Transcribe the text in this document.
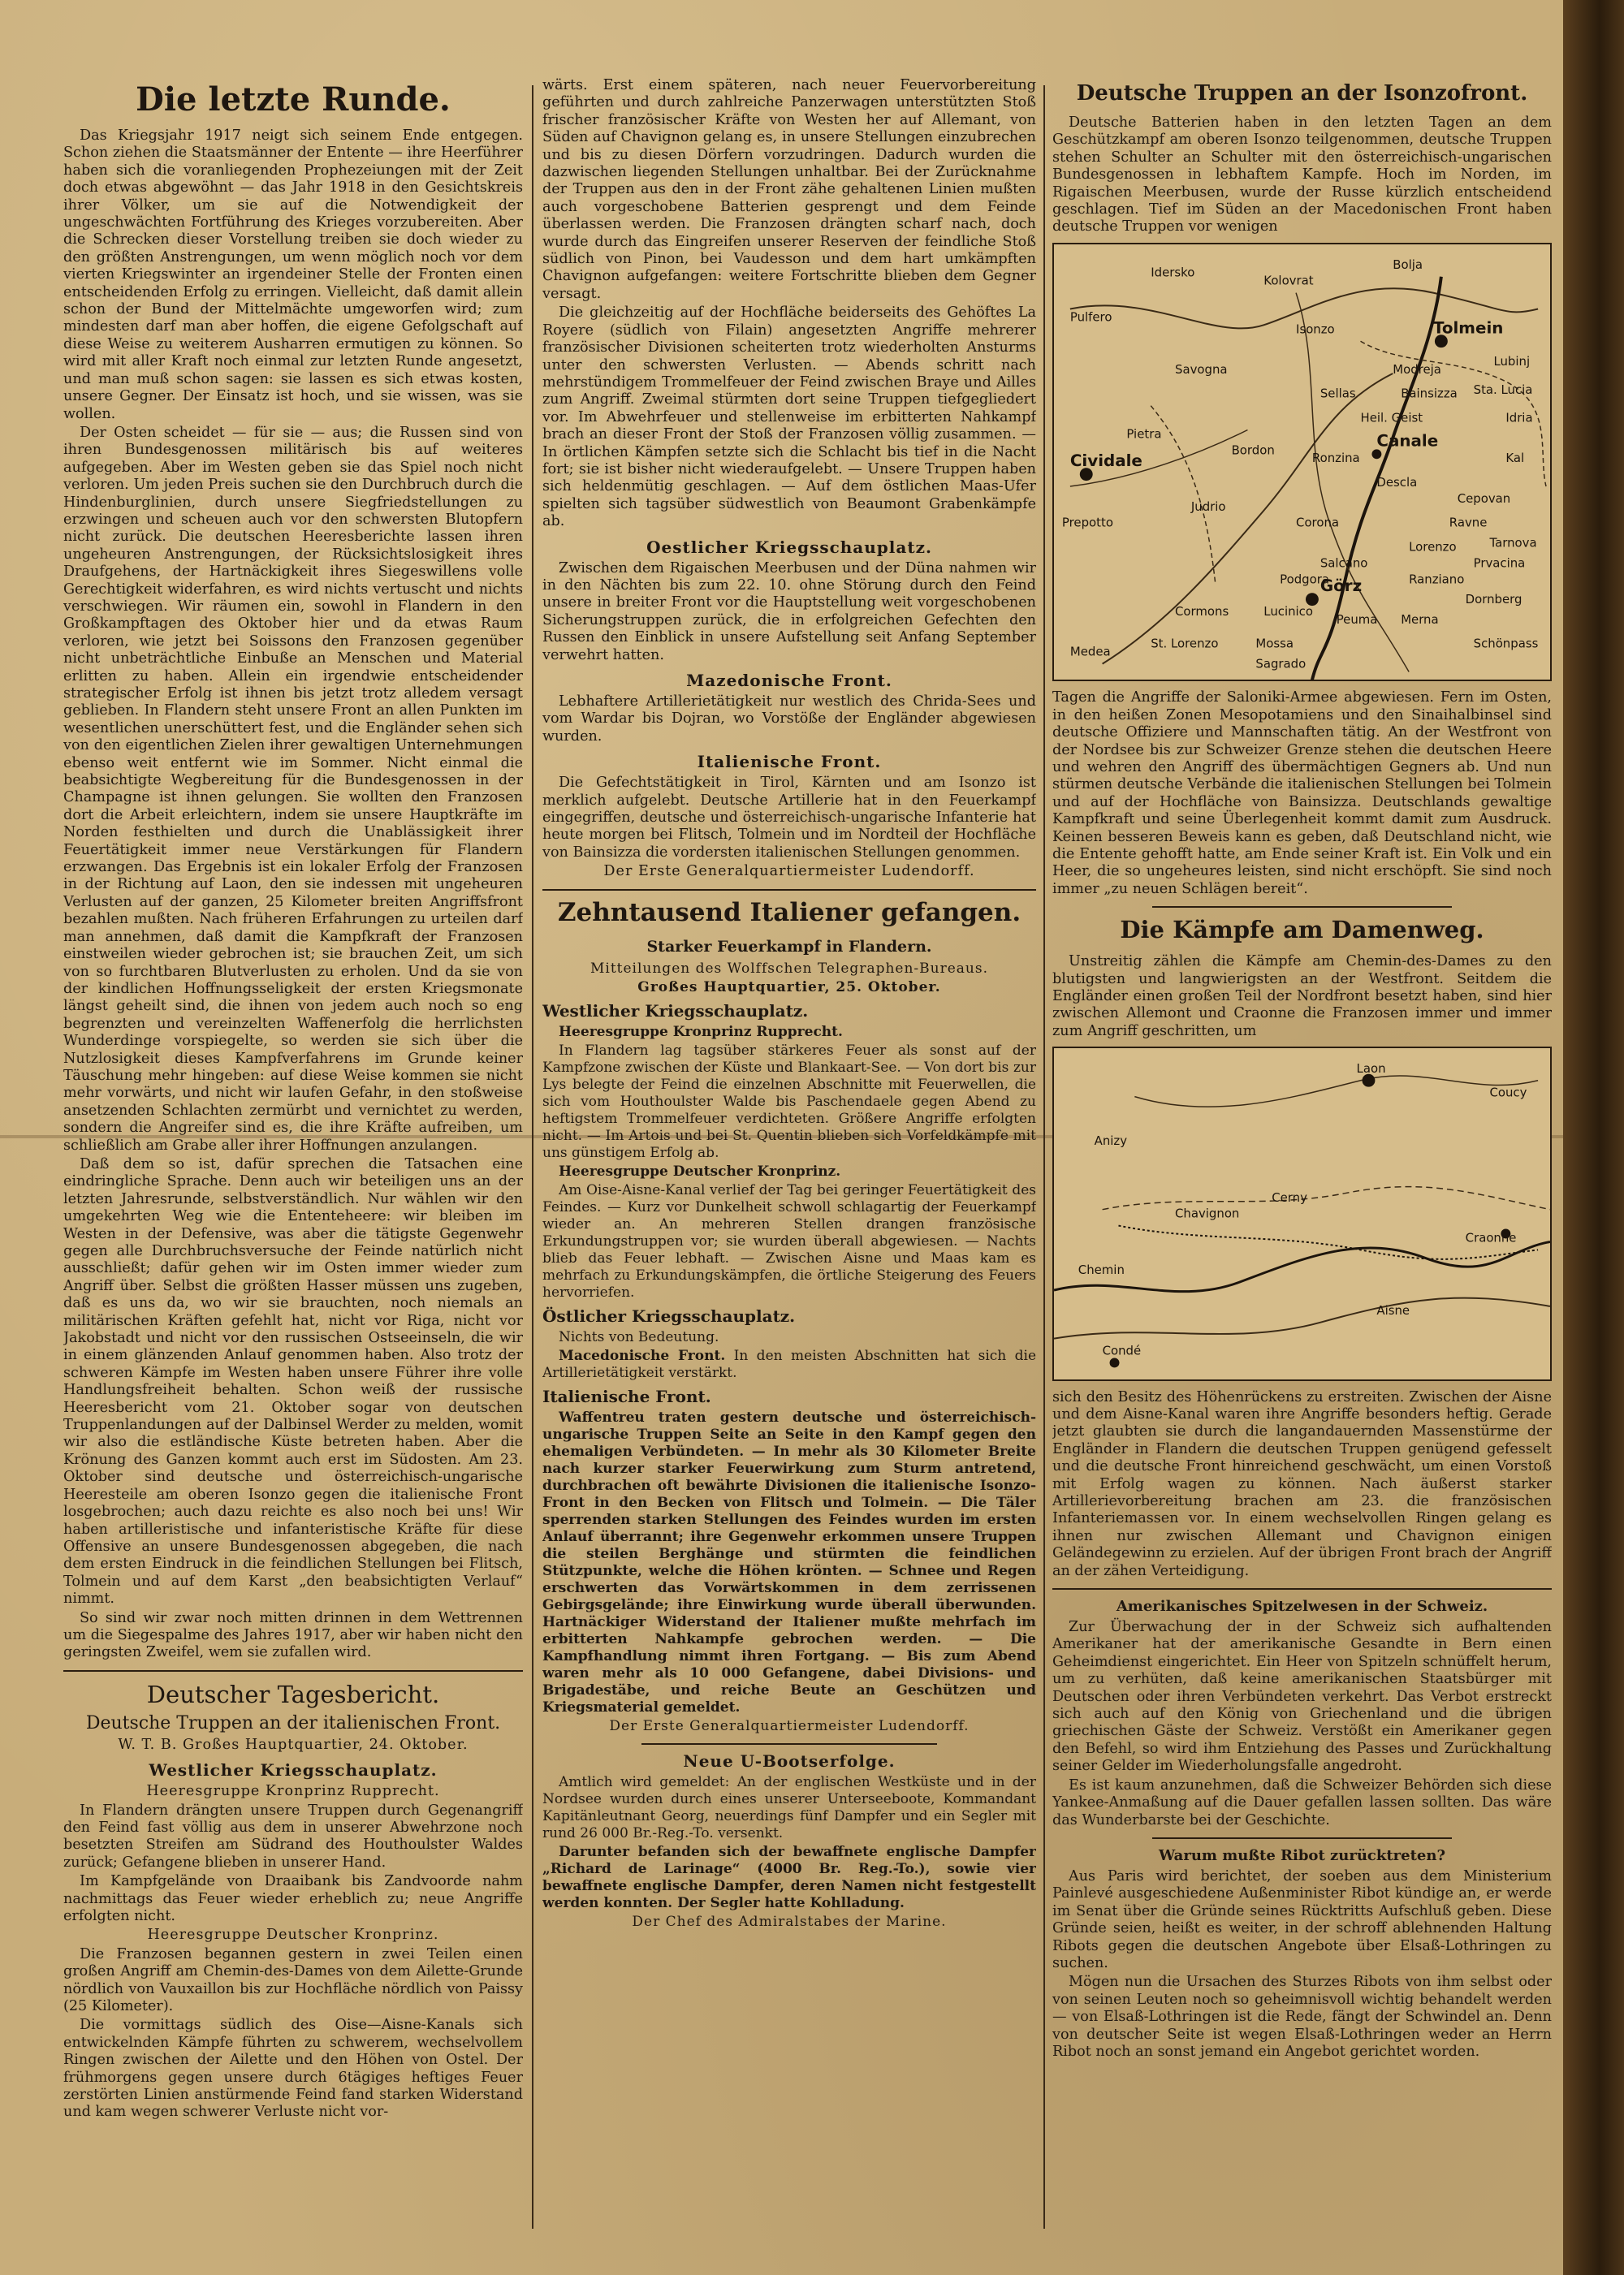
Die letzte Runde.

Das Kriegsjahr 1917 neigt sich seinem Ende entgegen. Schon ziehen die Staatsmänner der Entente — ihre Heerführer haben sich die voranliegenden Prophezeiungen mit der Zeit doch etwas abgewöhnt — das Jahr 1918 in den Gesichtskreis ihrer Völker, um sie auf die Notwendigkeit der ungeschwächten Fortführung des Krieges vorzubereiten. Aber die Schrecken dieser Vorstellung treiben sie doch wieder zu den größten Anstrengungen, um wenn möglich noch vor dem vierten Kriegswinter an irgendeiner Stelle der Fronten einen entscheidenden Erfolg zu erringen. Vielleicht, daß damit allein schon der Bund der Mittelmächte umgeworfen wird; zum mindesten darf man aber hoffen, die eigene Gefolgschaft auf diese Weise zu weiterem Ausharren ermutigen zu können. So wird mit aller Kraft noch einmal zur letzten Runde angesetzt, und man muß schon sagen: sie lassen es sich etwas kosten, unsere Gegner. Der Einsatz ist hoch, und sie wissen, was sie wollen.

Der Osten scheidet — für sie — aus; die Russen sind von ihren Bundesgenossen militärisch bis auf weiteres aufgegeben. Aber im Westen geben sie das Spiel noch nicht verloren. Um jeden Preis suchen sie den Durchbruch durch die Hindenburglinien, durch unsere Siegfriedstellungen zu erzwingen und scheuen auch vor den schwersten Blutopfern nicht zurück. Die deutschen Heeresberichte lassen ihren ungeheuren Anstrengungen, der Rücksichtslosigkeit ihres Draufgehens, der Hartnäckigkeit ihres Siegeswillens volle Gerechtigkeit widerfahren, es wird nichts vertuscht und nichts verschwiegen. Wir räumen ein, sowohl in Flandern in den Großkampftagen des Oktober hier und da etwas Raum verloren, wie jetzt bei Soissons den Franzosen gegenüber nicht unbeträchtliche Einbuße an Menschen und Material erlitten zu haben. Allein ein irgendwie entscheidender strategischer Erfolg ist ihnen bis jetzt trotz alledem versagt geblieben. In Flandern steht unsere Front an allen Punkten im wesentlichen unerschüttert fest, und die Engländer sehen sich von den eigentlichen Zielen ihrer gewaltigen Unternehmungen ebenso weit entfernt wie im Sommer. Nicht einmal die beabsichtigte Wegbereitung für die Bundesgenossen in der Champagne ist ihnen gelungen. Sie wollten den Franzosen dort die Arbeit erleichtern, indem sie unsere Hauptkräfte im Norden festhielten und durch die Unablässigkeit ihrer Feuertätigkeit immer neue Verstärkungen für Flandern erzwangen. Das Ergebnis ist ein lokaler Erfolg der Franzosen in der Richtung auf Laon, den sie indessen mit ungeheuren Verlusten auf der ganzen, 25 Kilometer breiten Angriffsfront bezahlen mußten. Nach früheren Erfahrungen zu urteilen darf man annehmen, daß damit die Kampfkraft der Franzosen einstweilen wieder gebrochen ist; sie brauchen Zeit, um sich von so furchtbaren Blutverlusten zu erholen. Und da sie von der kindlichen Hoffnungsseligkeit der ersten Kriegsmonate längst geheilt sind, die ihnen von jedem auch noch so eng begrenzten und vereinzelten Waffenerfolg die herrlichsten Wunderdinge vorspiegelte, so werden sie sich über die Nutzlosigkeit dieses Kampfverfahrens im Grunde keiner Täuschung mehr hingeben: auf diese Weise kommen sie nicht mehr vorwärts, und nicht wir laufen Gefahr, in den stoßweise ansetzenden Schlachten zermürbt und vernichtet zu werden, sondern die Angreifer sind es, die ihre Kräfte aufreiben, um schließlich am Grabe aller ihrer Hoffnungen anzulangen.

Daß dem so ist, dafür sprechen die Tatsachen eine eindringliche Sprache. Denn auch wir beteiligen uns an der letzten Jahresrunde, selbstverständlich. Nur wählen wir den umgekehrten Weg wie die Ententeheere: wir bleiben im Westen in der Defensive, was aber die tätigste Gegenwehr gegen alle Durchbruchsversuche der Feinde natürlich nicht ausschließt; dafür gehen wir im Osten immer wieder zum Angriff über. Selbst die größten Hasser müssen uns zugeben, daß es uns da, wo wir sie brauchten, noch niemals an militärischen Kräften gefehlt hat, nicht vor Riga, nicht vor Jakobstadt und nicht vor den russischen Ostseeinseln, die wir in einem glänzenden Anlauf genommen haben. Also trotz der schweren Kämpfe im Westen haben unsere Führer ihre volle Handlungsfreiheit behalten. Schon weiß der russische Heeresbericht vom 21. Oktober sogar von deutschen Truppenlandungen auf der Dalbinsel Werder zu melden, womit wir also die estländische Küste betreten haben. Aber die Krönung des Ganzen kommt auch erst im Südosten. Am 23. Oktober sind deutsche und österreichisch-ungarische Heeresteile am oberen Isonzo gegen die italienische Front losgebrochen; auch dazu reichte es also noch bei uns! Wir haben artilleristische und infanteristische Kräfte für diese Offensive an unsere Bundesgenossen abgegeben, die nach dem ersten Eindruck in die feindlichen Stellungen bei Flitsch, Tolmein und auf dem Karst „den beabsichtigten Verlauf“ nimmt.

So sind wir zwar noch mitten drinnen in dem Wettrennen um die Siegespalme des Jahres 1917, aber wir haben nicht den geringsten Zweifel, wem sie zufallen wird.

Deutscher Tagesbericht.
Deutsche Truppen an der italienischen Front.

W. T. B. Großes Hauptquartier, 24. Oktober.

Westlicher Kriegsschauplatz.

Heeresgruppe Kronprinz Rupprecht.

In Flandern drängten unsere Truppen durch Gegenangriff den Feind fast völlig aus dem in unserer Abwehrzone noch besetzten Streifen am Südrand des Houthoulster Waldes zurück; Gefangene blieben in unserer Hand.

Im Kampfgelände von Draaibank bis Zandvoorde nahm nachmittags das Feuer wieder erheblich zu; neue Angriffe erfolgten nicht.

Heeresgruppe Deutscher Kronprinz.

Die Franzosen begannen gestern in zwei Teilen einen großen Angriff am Chemin-des-Dames von dem Ailette-Grunde nördlich von Vauxaillon bis zur Hochfläche nördlich von Paissy (25 Kilometer).

Die vormittags südlich des Oise—Aisne-Kanals sich entwickelnden Kämpfe führten zu schwerem, wechselvollem Ringen zwischen der Ailette und den Höhen von Ostel. Der frühmorgens gegen unsere durch 6tägiges heftiges Feuer zerstörten Linien anstürmende Feind fand starken Widerstand und kam wegen schwerer Verluste nicht vor-

wärts. Erst einem späteren, nach neuer Feuervorbereitung geführten und durch zahlreiche Panzerwagen unterstützten Stoß frischer französischer Kräfte von Westen her auf Allemant, von Süden auf Chavignon gelang es, in unsere Stellungen einzubrechen und bis zu diesen Dörfern vorzudringen. Dadurch wurden die dazwischen liegenden Stellungen unhaltbar. Bei der Zurücknahme der Truppen aus den in der Front zähe gehaltenen Linien mußten auch vorgeschobene Batterien gesprengt und dem Feinde überlassen werden. Die Franzosen drängten scharf nach, doch wurde durch das Eingreifen unserer Reserven der feindliche Stoß südlich von Pinon, bei Vaudesson und dem hart umkämpften Chavignon aufgefangen: weitere Fortschritte blieben dem Gegner versagt.

Die gleichzeitig auf der Hochfläche beiderseits des Gehöftes La Royere (südlich von Filain) angesetzten Angriffe mehrerer französischer Divisionen scheiterten trotz wiederholten Ansturms unter den schwersten Verlusten. — Abends schritt nach mehrstündigem Trommelfeuer der Feind zwischen Braye und Ailles zum Angriff. Zweimal stürmten dort seine Truppen tiefgegliedert vor. Im Abwehrfeuer und stellenweise im erbitterten Nahkampf brach an dieser Front der Stoß der Franzosen völlig zusammen. — In örtlichen Kämpfen setzte sich die Schlacht bis tief in die Nacht fort; sie ist bisher nicht wiederaufgelebt. — Unsere Truppen haben sich heldenmütig geschlagen. — Auf dem östlichen Maas-Ufer spielten sich tagsüber südwestlich von Beaumont Grabenkämpfe ab.

Oestlicher Kriegsschauplatz.

Zwischen dem Rigaischen Meerbusen und der Düna nahmen wir in den Nächten bis zum 22. 10. ohne Störung durch den Feind unsere in breiter Front vor die Hauptstellung weit vorgeschobenen Sicherungstruppen zurück, die in erfolgreichen Gefechten den Russen den Einblick in unsere Aufstellung seit Anfang September verwehrt hatten.

Mazedonische Front.

Lebhaftere Artillerietätigkeit nur westlich des Chrida-Sees und vom Wardar bis Dojran, wo Vorstöße der Engländer abgewiesen wurden.

Italienische Front.

Die Gefechtstätigkeit in Tirol, Kärnten und am Isonzo ist merklich aufgelebt. Deutsche Artillerie hat in den Feuerkampf eingegriffen, deutsche und österreichisch-ungarische Infanterie hat heute morgen bei Flitsch, Tolmein und im Nordteil der Hochfläche von Bainsizza die vordersten italienischen Stellungen genommen.

Der Erste Generalquartiermeister Ludendorff.

Zehntausend Italiener gefangen.
Starker Feuerkampf in Flandern.

Mitteilungen des Wolffschen Telegraphen-Bureaus.

Großes Hauptquartier, 25. Oktober.

Westlicher Kriegsschauplatz.

Heeresgruppe Kronprinz Rupprecht.

In Flandern lag tagsüber stärkeres Feuer als sonst auf der Kampfzone zwischen der Küste und Blankaart-See. — Von dort bis zur Lys belegte der Feind die einzelnen Abschnitte mit Feuerwellen, die sich vom Houthoulster Walde bis Paschendaele gegen Abend zu heftigstem Trommelfeuer verdichteten. Größere Angriffe erfolgten nicht. — Im Artois und bei St. Quentin blieben sich Vorfeldkämpfe mit uns günstigem Erfolg ab.

Heeresgruppe Deutscher Kronprinz.

Am Oise-Aisne-Kanal verlief der Tag bei geringer Feuertätigkeit des Feindes. — Kurz vor Dunkelheit schwoll schlagartig der Feuerkampf wieder an. An mehreren Stellen drangen französische Erkundungstruppen vor; sie wurden überall abgewiesen. — Nachts blieb das Feuer lebhaft. — Zwischen Aisne und Maas kam es mehrfach zu Erkundungskämpfen, die örtliche Steigerung des Feuers hervorriefen.

Östlicher Kriegsschauplatz.

Nichts von Bedeutung.

Macedonische Front. In den meisten Abschnitten hat sich die Artillerietätigkeit verstärkt.

Italienische Front.

Waffentreu traten gestern deutsche und österreichisch-ungarische Truppen Seite an Seite in den Kampf gegen den ehemaligen Verbündeten. — In mehr als 30 Kilometer Breite nach kurzer starker Feuerwirkung zum Sturm antretend, durchbrachen oft bewährte Divisionen die italienische Isonzo-Front in den Becken von Flitsch und Tolmein. — Die Täler sperrenden starken Stellungen des Feindes wurden im ersten Anlauf überrannt; ihre Gegenwehr erkommen unsere Truppen die steilen Berghänge und stürmten die feindlichen Stützpunkte, welche die Höhen krönten. — Schnee und Regen erschwerten das Vorwärtskommen in dem zerrissenen Gebirgsgelände; ihre Einwirkung wurde überall überwunden. Hartnäckiger Widerstand der Italiener mußte mehrfach im erbitterten Nahkampfe gebrochen werden. — Die Kampfhandlung nimmt ihren Fortgang. — Bis zum Abend waren mehr als 10 000 Gefangene, dabei Divisions- und Brigadestäbe, und reiche Beute an Geschützen und Kriegsmaterial gemeldet.

Der Erste Generalquartiermeister Ludendorff.

Neue U-Bootserfolge.

Amtlich wird gemeldet: An der englischen Westküste und in der Nordsee wurden durch eines unserer Unterseeboote, Kommandant Kapitänleutnant Georg, neuerdings fünf Dampfer und ein Segler mit rund 26 000 Br.-Reg.-To. versenkt.

Darunter befanden sich der bewaffnete englische Dampfer „Richard de Larinage“ (4000 Br. Reg.-To.), sowie vier bewaffnete englische Dampfer, deren Namen nicht festgestellt werden konnten. Der Segler hatte Kohlladung.

Der Chef des Admiralstabes der Marine.

Deutsche Truppen an der Isonzofront.

Deutsche Batterien haben in den letzten Tagen an dem Geschützkampf am oberen Isonzo teilgenommen, deutsche Truppen stehen Schulter an Schulter mit den österreichisch-ungarischen Bundesgenossen in lebhaftem Kampfe. Hoch im Norden, im Rigaischen Meerbusen, wurde der Russe kürzlich entscheidend geschlagen. Tief im Süden an der Macedonischen Front haben deutsche Truppen vor wenigen

Idersko
Kolovrat
Bolja
Pulfero
Tolmein
Lubinj
Modreja
Savogna
Sta. Lucia
Idria
Sellas	Bainsizza
Heil. Geist
Pietra
Bordon
Ronzina
Cividale
Canale
Kal
Descla
Cepovan
Ravne
Lorenzo
Prepotto	Corona
Salcano
Görz
Podgora
Lucinico
Cormons
Mossa
Medea
Sagrado
Peuma Merna
Ranziano
Prvacina
Dornberg
Tarnova
St. Lorenzo	Schönpass
Isonzo
Judrio

Tagen die Angriffe der Saloniki-Armee abgewiesen. Fern im Osten, in den heißen Zonen Mesopotamiens und den Sinaihalbinsel sind deutsche Offiziere und Mannschaften tätig. An der Westfront von der Nordsee bis zur Schweizer Grenze stehen die deutschen Heere und wehren den Angriff des übermächtigen Gegners ab. Und nun stürmen deutsche Verbände die italienischen Stellungen bei Tolmein und auf der Hochfläche von Bainsizza. Deutschlands gewaltige Kampfkraft und seine Überlegenheit kommt damit zum Ausdruck. Keinen besseren Beweis kann es geben, daß Deutschland nicht, wie die Entente gehofft hatte, am Ende seiner Kraft ist. Ein Volk und ein Heer, die so ungeheures leisten, sind nicht erschöpft. Sie sind noch immer „zu neuen Schlägen bereit“.

Die Kämpfe am Damenweg.

Unstreitig zählen die Kämpfe am Chemin-des-Dames zu den blutigsten und langwierigsten an der Westfront. Seitdem die Engländer einen großen Teil der Nordfront besetzt haben, sind hier zwischen Allemont und Craonne die Franzosen immer und immer zum Angriff geschritten, um

Laon
Coucy
Anizy
Chavignon
Cerny
Chemin
Craonne
Condé
Aisne

sich den Besitz des Höhenrückens zu erstreiten. Zwischen der Aisne und dem Aisne-Kanal waren ihre Angriffe besonders heftig. Gerade jetzt glaubten sie durch die langandauernden Massenstürme der Engländer in Flandern die deutschen Truppen genügend gefesselt und die deutsche Front hinreichend geschwächt, um einen Vorstoß mit Erfolg wagen zu können. Nach äußerst starker Artillerievorbereitung brachen am 23. die französischen Infanteriemassen vor. In einem wechselvollen Ringen gelang es ihnen nur zwischen Allemant und Chavignon einigen Geländegewinn zu erzielen. Auf der übrigen Front brach der Angriff an der zähen Verteidigung.

Amerikanisches Spitzelwesen in der Schweiz.

Zur Überwachung der in der Schweiz sich aufhaltenden Amerikaner hat der amerikanische Gesandte in Bern einen Geheimdienst eingerichtet. Ein Heer von Spitzeln schnüffelt herum, um zu verhüten, daß keine amerikanischen Staatsbürger mit Deutschen oder ihren Verbündeten verkehrt. Das Verbot erstreckt sich auch auf den König von Griechenland und die übrigen griechischen Gäste der Schweiz. Verstößt ein Amerikaner gegen den Befehl, so wird ihm Entziehung des Passes und Zurückhaltung seiner Gelder im Wiederholungsfalle angedroht.

Es ist kaum anzunehmen, daß die Schweizer Behörden sich diese Yankee-Anmaßung auf die Dauer gefallen lassen sollten. Das wäre das Wunderbarste bei der Geschichte.

Warum mußte Ribot zurücktreten?

Aus Paris wird berichtet, der soeben aus dem Ministerium Painlevé ausgeschiedene Außenminister Ribot kündige an, er werde im Senat über die Gründe seines Rücktritts Aufschluß geben. Diese Gründe seien, heißt es weiter, in der schroff ablehnenden Haltung Ribots gegen die deutschen Angebote über Elsaß-Lothringen zu suchen.

Mögen nun die Ursachen des Sturzes Ribots von ihm selbst oder von seinen Leuten noch so geheimnisvoll wichtig behandelt werden — von Elsaß-Lothringen ist die Rede, fängt der Schwindel an. Denn von deutscher Seite ist wegen Elsaß-Lothringen weder an Herrn Ribot noch an sonst jemand ein Angebot gerichtet worden.
